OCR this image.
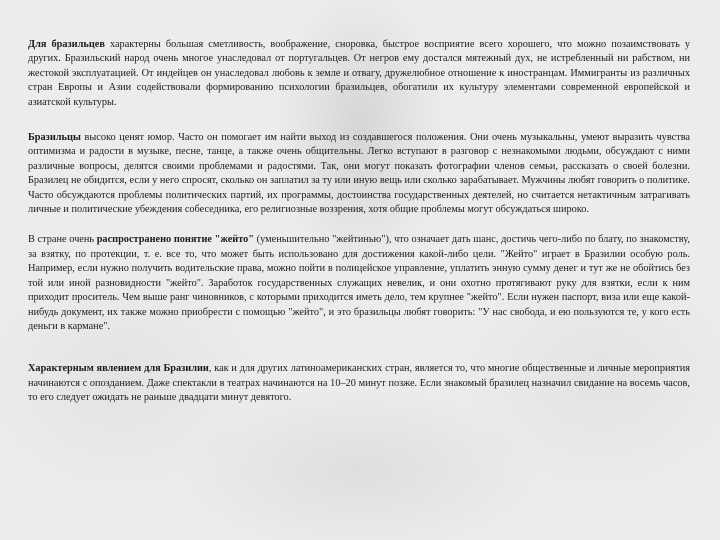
Для бразильцев характерны большая сметливость, воображение, сноровка, быстрое восприятие всего хорошего, что можно позаимствовать у других. Бразильский народ очень многое унаследовал от португальцев. От негров ему достался мятежный дух, не истребленный ни рабством, ни жестокой эксплуатацией. От индейцев он унаследовал любовь к земле и отвагу, дружелюбное отношение к иностранцам. Иммигранты из различных стран Европы и Азии содействовали формированию психологии бразильцев, обогатили их культуру элементами современной европейской и азиатской культуры.

Бразильцы высоко ценят юмор. Часто он помогает им найти выход из создавшегося положения. Они очень музыкальны, умеют выразить чувства оптимизма и радости в музыке, песне, танце, а также очень общительны. Легко вступают в разговор с незнакомыми людьми, обсуждают с ними различные вопросы, делятся своими проблемами и радостями. Так, они могут показать фотографии членов семьи, рассказать о своей болезни. Бразилец не обидится, если у него спросят, сколько он заплатил за ту или иную вещь или сколько зарабатывает. Мужчины любят говорить о политике. Часто обсуждаются проблемы политических партий, их программы, достоинства государственных деятелей, но считается нетактичным затрагивать личные и политические убеждения собеседника, его религиозные воззрения, хотя общие проблемы могут обсуждаться широко.

В стране очень распространено понятие "жейто" (уменьшительно "жейтинью"), что означает дать шанс, достичь чего-либо по блату, по знакомству, за взятку, по протекции, т. е. все то, что может быть использовано для достижения какой-либо цели. "Жейто" играет в Бразилии особую роль. Например, если нужно получить водительские права, можно пойти в полицейское управление, уплатить энную сумму денег и тут же не обойтись без той или иной разновидности "жейто". Заработок государственных служащих невелик, и они охотно протягивают руку для взятки, если к ним приходит проситель. Чем выше ранг чиновников, с которыми приходится иметь дело, тем крупнее "жейто". Если нужен паспорт, виза или еще какой-нибудь документ, их также можно приобрести с помощью "жейто", и это бразильцы любят говорить: "У нас свобода, и ею пользуются те, у кого есть деньги в кармане".

Характерным явлением для Бразилии, как и для других латиноамериканских стран, является то, что многие общественные и личные мероприятия начинаются с опозданием. Даже спектакли в театрах начинаются на 10–20 минут позже. Если знакомый бразилец назначил свидание на восемь часов, то его следует ожидать не раньше двадцати минут девятого.
